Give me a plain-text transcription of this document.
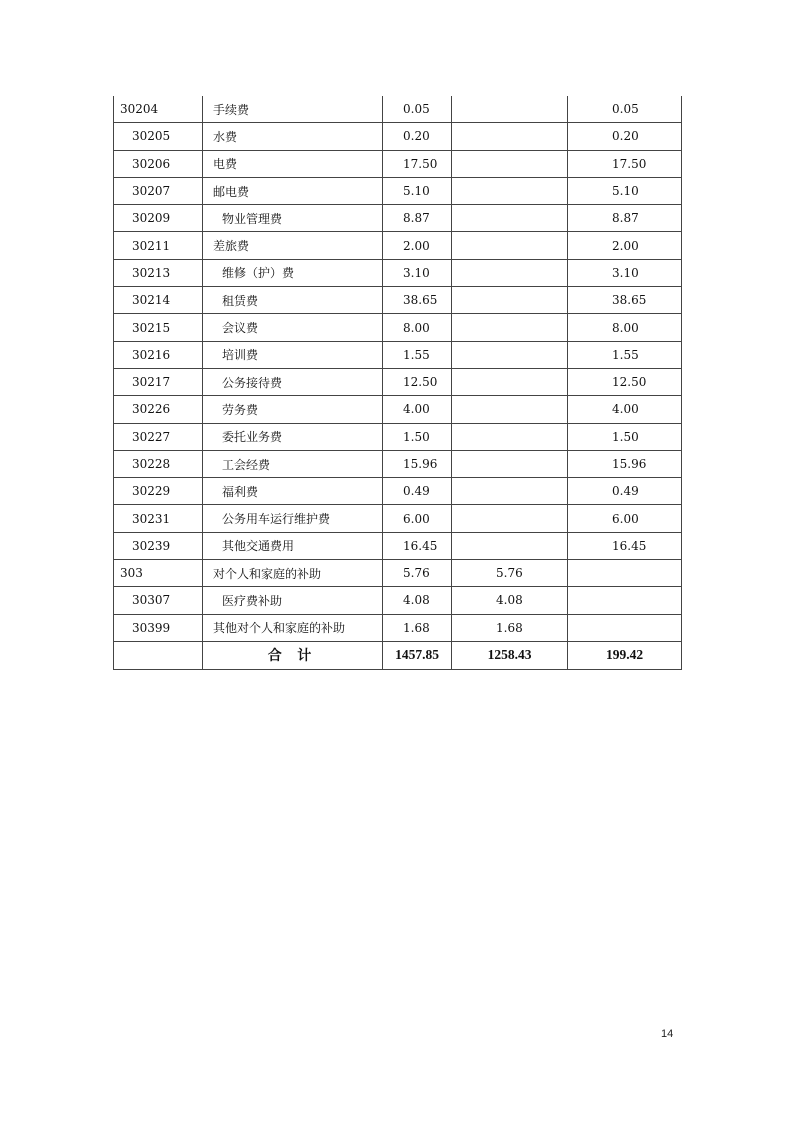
30204	手续费	0.05		0.05
30205	水费	0.20		0.20
30206	电费	17.50		17.50
30207	邮电费	5.10		5.10
30209	物业管理费	8.87		8.87
30211	差旅费	2.00		2.00
30213	维修（护）费	3.10		3.10
30214	租赁费	38.65		38.65
30215	会议费	8.00		8.00
30216	培训费	1.55		1.55
30217	公务接待费	12.50		12.50
30226	劳务费	4.00		4.00
30227	委托业务费	1.50		1.50
30228	工会经费	15.96		15.96
30229	福利费	0.49		0.49
30231	公务用车运行维护费	6.00		6.00
30239	其他交通费用	16.45		16.45
303	对个人和家庭的补助	5.76	5.76	
30307	医疗费补助	4.08	4.08	
30399	其他对个人和家庭的补助	1.68	1.68	
	合 计	1457.85	1258.43	199.42
14
